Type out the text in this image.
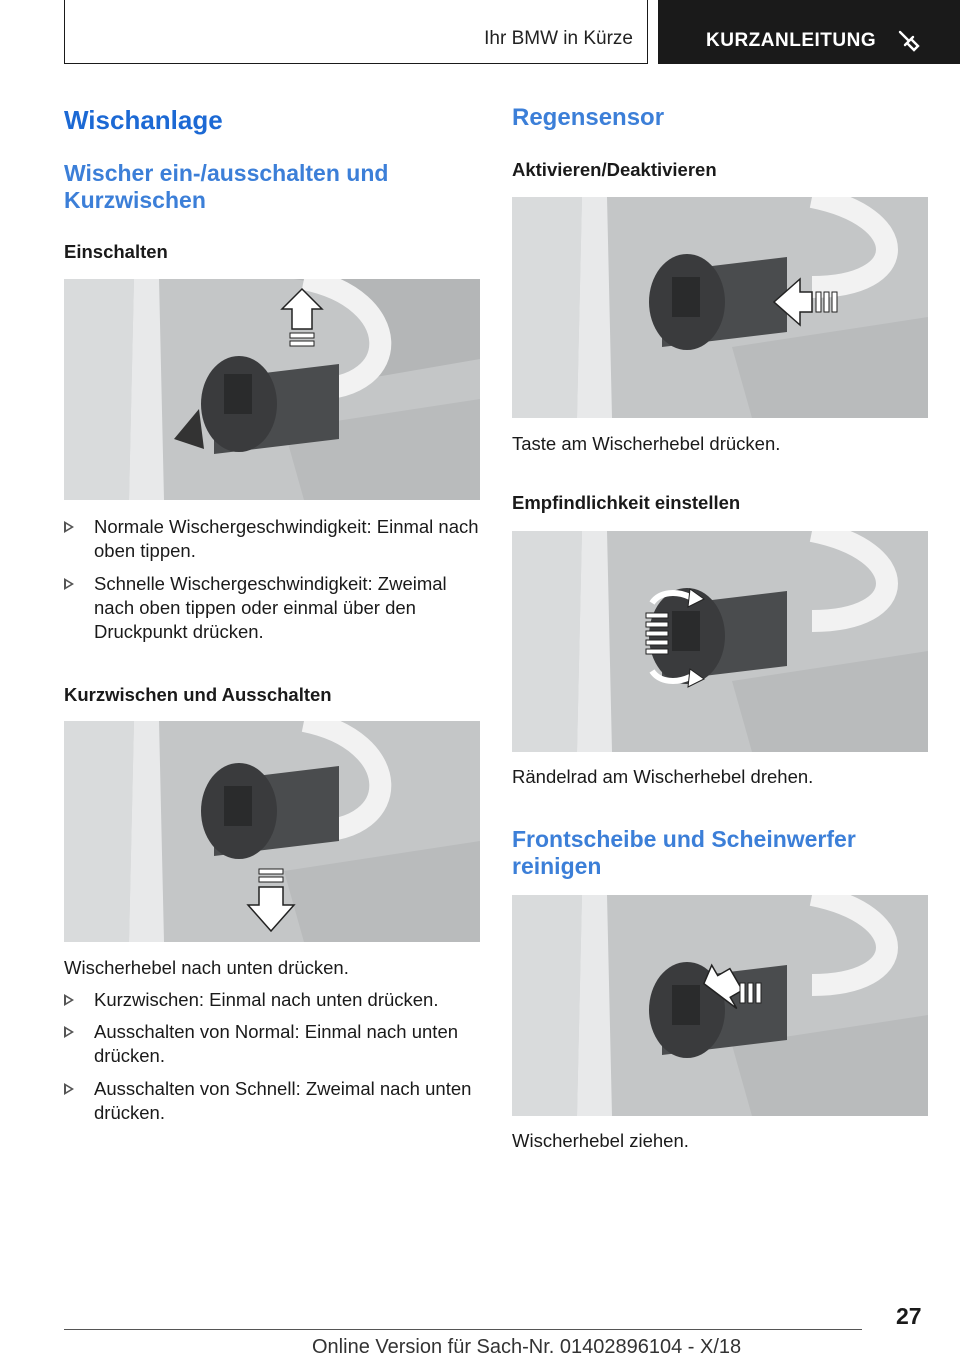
Ihr BMW in Kürze	KURZANLEITUNG
Wischanlage
Wischer ein-/ausschalten und Kurzwischen
Einschalten
Normale Wischergeschwindigkeit: Einmal nach oben tippen.
Schnelle Wischergeschwindigkeit: Zweimal nach oben tippen oder einmal über den Druckpunkt drücken.
Kurzwischen und Ausschalten

Wischerhebel nach unten drücken.

Kurzwischen: Einmal nach unten drücken.
Ausschalten von Normal: Einmal nach unten drücken.
Ausschalten von Schnell: Zweimal nach unten drücken.
Regensensor
Aktivieren/Deaktivieren

Taste am Wischerhebel drücken.

Empfindlichkeit einstellen

Rändelrad am Wischerhebel drehen.

Frontscheibe und Scheinwerfer reinigen

Wischerhebel ziehen.

27
Online Version für Sach-Nr. 01402896104 - X/18
